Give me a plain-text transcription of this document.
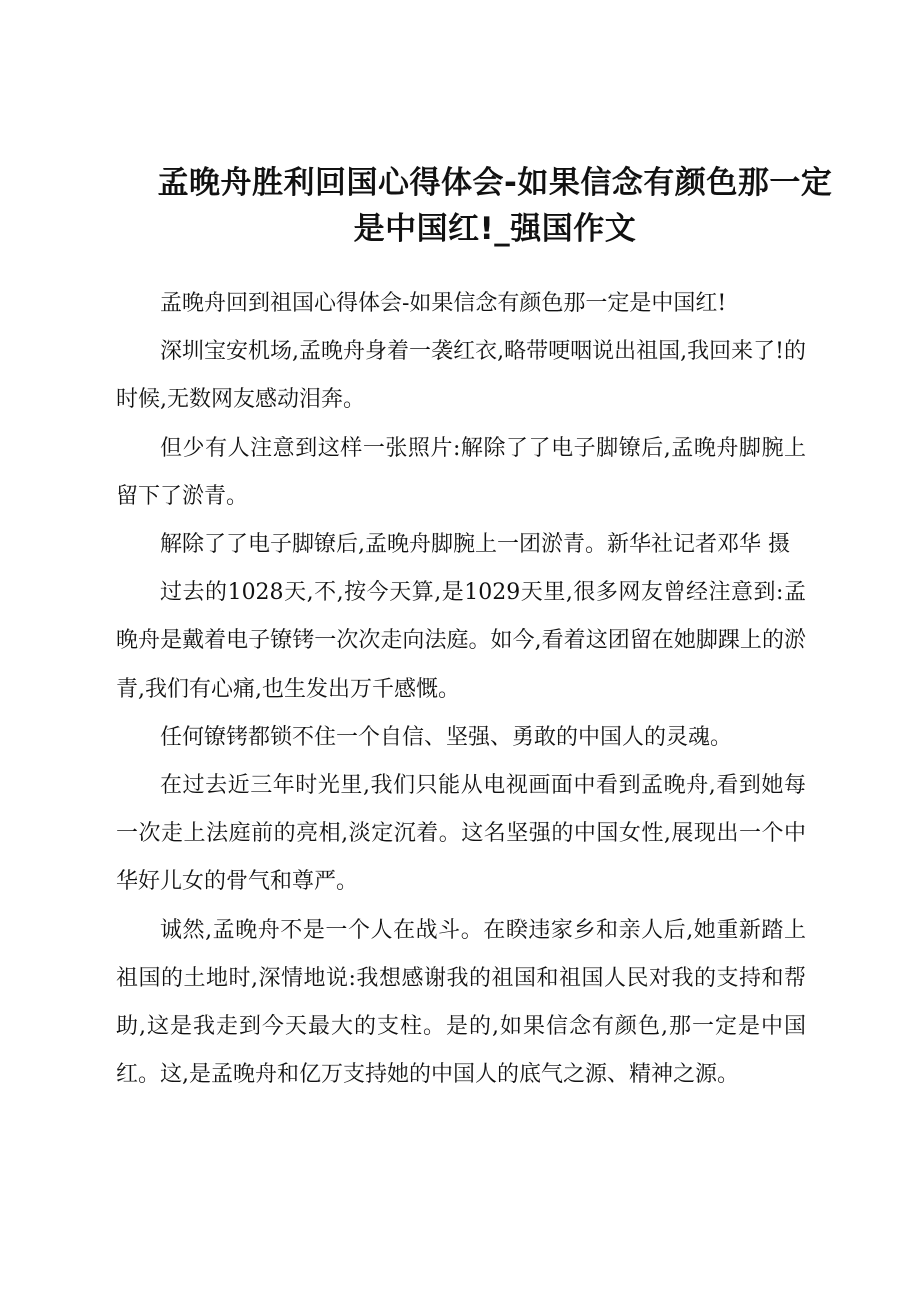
孟晚舟胜利回国心得体会-如果信念有颜色那一定是中国红!_强国作文

孟晚舟回到祖国心得体会-如果信念有颜色那一定是中国红!

深圳宝安机场,孟晚舟身着一袭红衣,略带哽咽说出祖国,我回来了!的时候,无数网友感动泪奔。

但少有人注意到这样一张照片:解除了了电子脚镣后,孟晚舟脚腕上留下了淤青。

解除了了电子脚镣后,孟晚舟脚腕上一团淤青。新华社记者邓华 摄

过去的1028天,不,按今天算,是1029天里,很多网友曾经注意到:孟晚舟是戴着电子镣铐一次次走向法庭。如今,看着这团留在她脚踝上的淤青,我们有心痛,也生发出万千感慨。

任何镣铐都锁不住一个自信、坚强、勇敢的中国人的灵魂。

在过去近三年时光里,我们只能从电视画面中看到孟晚舟,看到她每一次走上法庭前的亮相,淡定沉着。这名坚强的中国女性,展现出一个中华好儿女的骨气和尊严。

诚然,孟晚舟不是一个人在战斗。在睽违家乡和亲人后,她重新踏上祖国的土地时,深情地说:我想感谢我的祖国和祖国人民对我的支持和帮助,这是我走到今天最大的支柱。是的,如果信念有颜色,那一定是中国红。这,是孟晚舟和亿万支持她的中国人的底气之源、精神之源。
